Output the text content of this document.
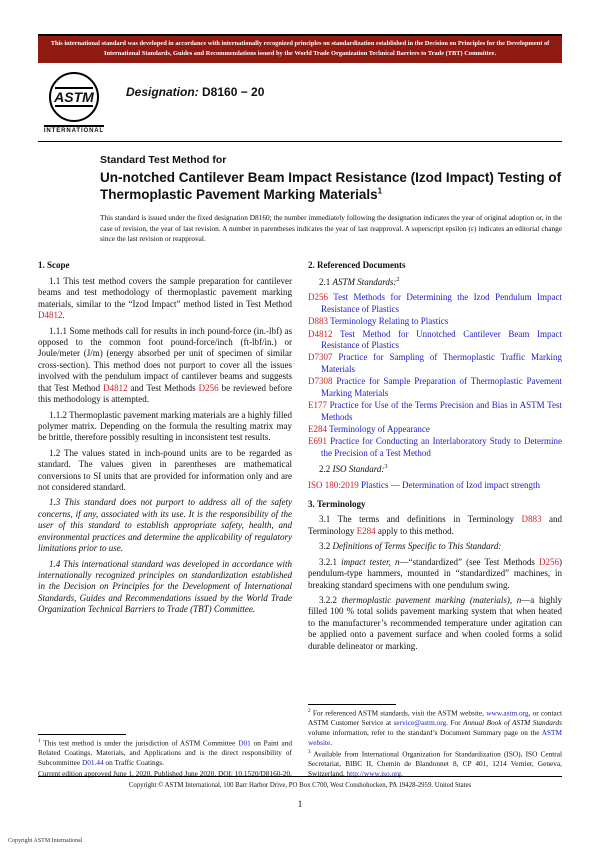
This international standard was developed in accordance with internationally recognized principles on standardization established in the Decision on Principles for the Development of International Standards, Guides and Recommendations issued by the World Trade Organization Technical Barriers to Trade (TBT) Committee.
ASTM
INTERNATIONAL
Designation: D8160 − 20
Standard Test Method for
Un-notched Cantilever Beam Impact Resistance (Izod Impact) Testing of Thermoplastic Pavement Marking Materials$^1$
This standard is issued under the fixed designation D8160; the number immediately following the designation indicates the year of original adoption or, in the case of revision, the year of last revision. A number in parentheses indicates the year of last reapproval. A superscript epsilon (ε) indicates an editorial change since the last revision or reapproval.
1. Scope

1.1 This test method covers the sample preparation for cantilever beams and test methodology of thermoplastic pavement marking materials, similar to the “Izod Impact” method listed in Test Method D4812.

1.1.1 Some methods call for results in inch pound-force (in.-lbf) as opposed to the common foot pound-force/inch (ft-lbf/in.) or Joule/meter (J/m) (energy absorbed per unit of specimen of similar cross-section). This method does not purport to cover all the issues involved with the pendulum impact of cantilever beams and suggests that Test Method D4812 and Test Methods D256 be reviewed before this methodology is attempted.

1.1.2 Thermoplastic pavement marking materials are a highly filled polymer matrix. Depending on the formula the resulting matrix may be brittle, therefore possibly resulting in inconsistent test results.

1.2 The values stated in inch-pound units are to be regarded as standard. The values given in parentheses are mathematical conversions to SI units that are provided for information only and are not considered standard.

1.3 This standard does not purport to address all of the safety concerns, if any, associated with its use. It is the responsibility of the user of this standard to establish appropriate safety, health, and environmental practices and determine the applicability of regulatory limitations prior to use.

1.4 This international standard was developed in accordance with internationally recognized principles on standardization established in the Decision on Principles for the Development of International Standards, Guides and Recommendations issued by the World Trade Organization Technical Barriers to Trade (TBT) Committee.

$^1$ This test method is under the jurisdiction of ASTM Committee D01 on Paint and Related Coatings, Materials, and Applications and is the direct responsibility of Subcommittee D01.44 on Traffic Coatings.

Current edition approved June 1, 2020. Published June 2020. DOI: 10.1520/D8160-20.

2. Referenced Documents

2.1 ASTM Standards:$^2$

D256 Test Methods for Determining the Izod Pendulum Impact Resistance of Plastics

D883 Terminology Relating to Plastics

D4812 Test Method for Unnotched Cantilever Beam Impact Resistance of Plastics

D7307 Practice for Sampling of Thermoplastic Traffic Marking Materials

D7308 Practice for Sample Preparation of Thermoplastic Pavement Marking Materials

E177 Practice for Use of the Terms Precision and Bias in ASTM Test Methods

E284 Terminology of Appearance

E691 Practice for Conducting an Interlaboratory Study to Determine the Precision of a Test Method

2.2 ISO Standard:$^3$

ISO 180:2019 Plastics — Determination of Izod impact strength

3. Terminology

3.1 The terms and definitions in Terminology D883 and Terminology E284 apply to this method.

3.2 Definitions of Terms Specific to This Standard:

3.2.1 impact tester, n—“standardized” (see Test Methods D256) pendulum-type hammers, mounted in “standardized” machines, in breaking standard specimens with one pendulum swing.

3.2.2 thermoplastic pavement marking (materials), n—a highly filled 100 % total solids pavement marking system that when heated to the manufacturer’s recommended temperature under agitation can be applied onto a pavement surface and when cooled forms a solid durable delineator or marking.

$^2$ For referenced ASTM standards, visit the ASTM website, www.astm.org, or contact ASTM Customer Service at service@astm.org. For Annual Book of ASTM Standards volume information, refer to the standard’s Document Summary page on the ASTM website.

$^3$ Available from International Organization for Standardization (ISO), ISO Central Secretariat, BIBC II, Chemin de Blandonnet 8, CP 401, 1214 Vernier, Geneva, Switzerland, http://www.iso.org.

Copyright © ASTM International, 100 Barr Harbor Drive, PO Box C700, West Conshohocken, PA 19428-2959. United States
1
Copyright ASTM International
